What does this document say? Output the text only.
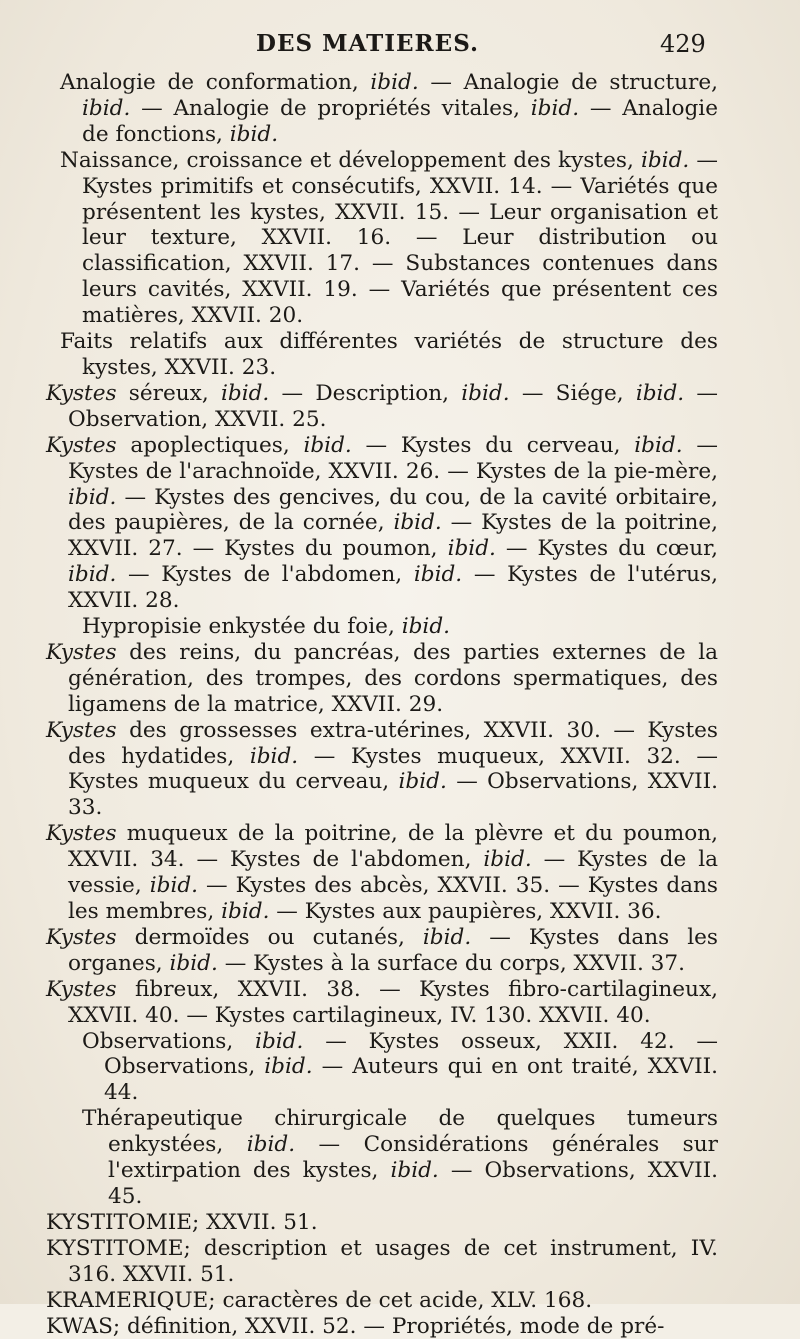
DES MATIERES.	429

Analogie de conformation, ibid. — Analogie de structure, ibid. — Analogie de propriétés vitales, ibid. — Analogie de fonctions, ibid.

Naissance, croissance et développement des kystes, ibid. — Kystes primitifs et consécutifs, XXVII. 14. — Variétés que présentent les kystes, XXVII. 15. — Leur organisation et leur texture, XXVII. 16. — Leur distribution ou classification, XXVII. 17. — Substances contenues dans leurs cavités, XXVII. 19. — Variétés que présentent ces matières, XXVII. 20.

Faits relatifs aux différentes variétés de structure des kystes, XXVII. 23.

Kystes séreux, ibid. — Description, ibid. — Siége, ibid. — Observation, XXVII. 25.

Kystes apoplectiques, ibid. — Kystes du cerveau, ibid. — Kystes de l'arachnoïde, XXVII. 26. — Kystes de la pie-mère, ibid. — Kystes des gencives, du cou, de la cavité orbitaire, des paupières, de la cornée, ibid. — Kystes de la poitrine, XXVII. 27. — Kystes du poumon, ibid. — Kystes du cœur, ibid. — Kystes de l'abdomen, ibid. — Kystes de l'utérus, XXVII. 28.

Hypropisie enkystée du foie, ibid.

Kystes des reins, du pancréas, des parties externes de la génération, des trompes, des cordons spermatiques, des ligamens de la matrice, XXVII. 29.

Kystes des grossesses extra-utérines, XXVII. 30. — Kystes des hydatides, ibid. — Kystes muqueux, XXVII. 32. — Kystes muqueux du cerveau, ibid. — Observations, XXVII. 33.

Kystes muqueux de la poitrine, de la plèvre et du poumon, XXVII. 34. — Kystes de l'abdomen, ibid. — Kystes de la vessie, ibid. — Kystes des abcès, XXVII. 35. — Kystes dans les membres, ibid. — Kystes aux paupières, XXVII. 36.

Kystes dermoïdes ou cutanés, ibid. — Kystes dans les organes, ibid. — Kystes à la surface du corps, XXVII. 37.

Kystes fibreux, XXVII. 38. — Kystes fibro-cartilagineux, XXVII. 40. — Kystes cartilagineux, IV. 130. XXVII. 40.

Observations, ibid. — Kystes osseux, XXII. 42. — Observations, ibid. — Auteurs qui en ont traité, XXVII. 44.

Thérapeutique chirurgicale de quelques tumeurs enkystées, ibid. — Considérations générales sur l'extirpation des kystes, ibid. — Observations, XXVII. 45.

KYSTITOMIE; XXVII. 51.

KYSTITOME; description et usages de cet instrument, IV. 316. XXVII. 51.

KRAMERIQUE; caractères de cet acide, XLV. 168.

KWAS; définition, XXVII. 52. — Propriétés, mode de pré-
